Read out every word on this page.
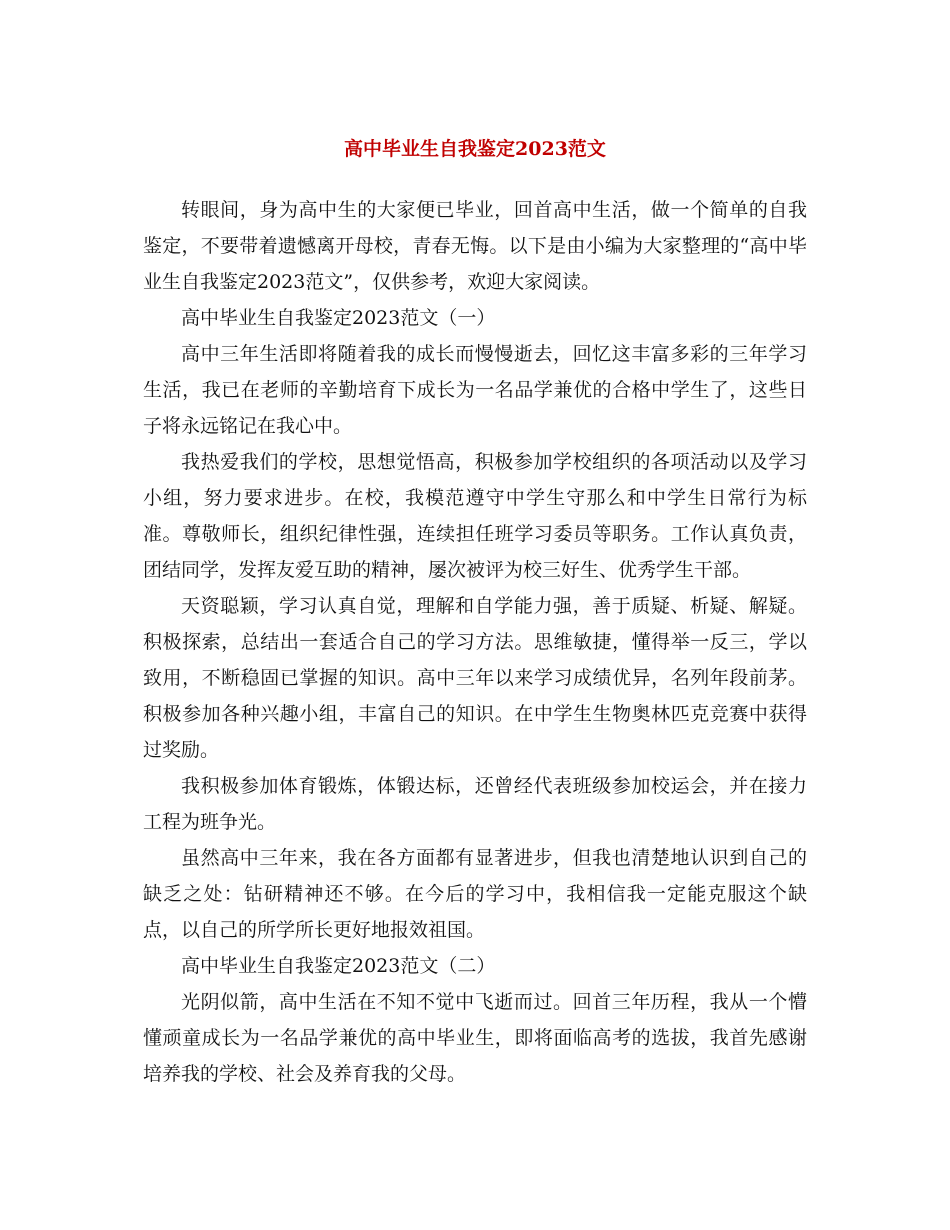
高中毕业生自我鉴定2023范文

转眼间，身为高中生的大家便已毕业，回首高中生活，做一个简单的自我鉴定，不要带着遗憾离开母校，青春无悔。以下是由小编为大家整理的“高中毕业生自我鉴定2023范文”，仅供参考，欢迎大家阅读。

高中毕业生自我鉴定2023范文（一）

高中三年生活即将随着我的成长而慢慢逝去，回忆这丰富多彩的三年学习生活，我已在老师的辛勤培育下成长为一名品学兼优的合格中学生了，这些日子将永远铭记在我心中。

我热爱我们的学校，思想觉悟高，积极参加学校组织的各项活动以及学习小组，努力要求进步。在校，我模范遵守中学生守那么和中学生日常行为标准。尊敬师长，组织纪律性强，连续担任班学习委员等职务。工作认真负责，团结同学，发挥友爱互助的精神，屡次被评为校三好生、优秀学生干部。

天资聪颖，学习认真自觉，理解和自学能力强，善于质疑、析疑、解疑。积极探索，总结出一套适合自己的学习方法。思维敏捷，懂得举一反三，学以致用，不断稳固已掌握的知识。高中三年以来学习成绩优异，名列年段前茅。积极参加各种兴趣小组，丰富自己的知识。在中学生生物奥林匹克竞赛中获得过奖励。

我积极参加体育锻炼，体锻达标，还曾经代表班级参加校运会，并在接力工程为班争光。

虽然高中三年来，我在各方面都有显著进步，但我也清楚地认识到自己的缺乏之处：钻研精神还不够。在今后的学习中，我相信我一定能克服这个缺点，以自己的所学所长更好地报效祖国。

高中毕业生自我鉴定2023范文（二）

光阴似箭，高中生活在不知不觉中飞逝而过。回首三年历程，我从一个懵懂顽童成长为一名品学兼优的高中毕业生，即将面临高考的选拔，我首先感谢培养我的学校、社会及养育我的父母。
